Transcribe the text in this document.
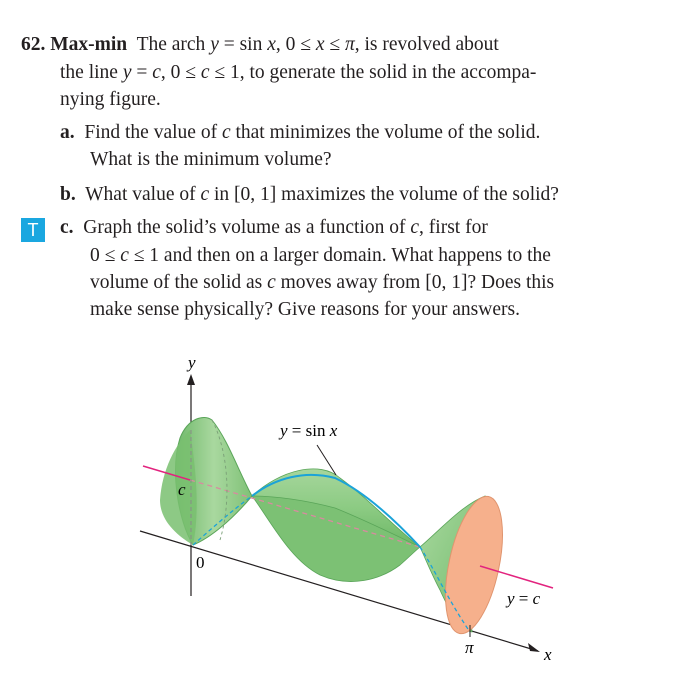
62. Max-min The arch y = sin x, 0 ≤ x ≤ π, is revolved about
the line y = c, 0 ≤ c ≤ 1, to generate the solid in the accompa-
nying figure.
a. Find the value of c that minimizes the volume of the solid.
What is the minimum volume?
b. What value of c in [0, 1] maximizes the volume of the solid?
T	c. Graph the solid’s volume as a function of c, first for
0 ≤ c ≤ 1 and then on a larger domain. What happens to the
volume of the solid as c moves away from [0, 1]? Does this
make sense physically? Give reasons for your answers.
y
x
y = sin x
y = c
c
0
π
